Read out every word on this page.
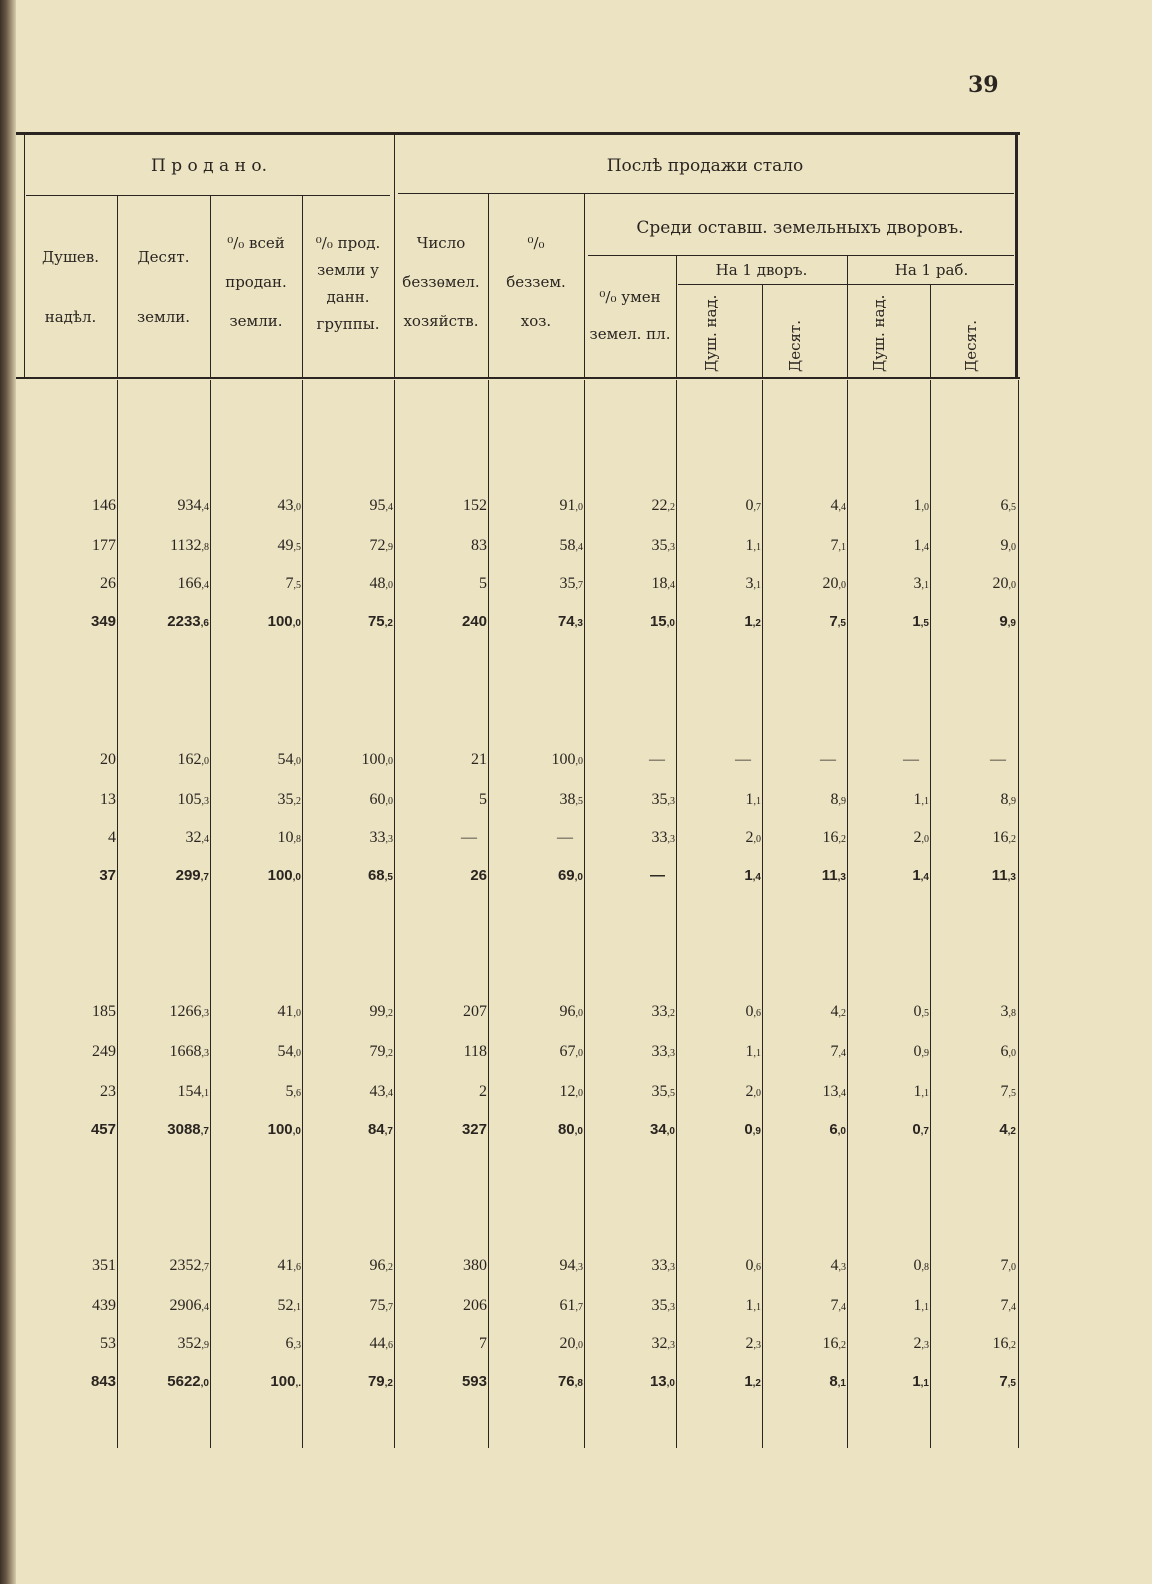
39
П р о д а н о.	Послѣ продажи стало
Среди оставш. земельныхъ дворовъ.
На 1 дворъ.	На 1 раб.
Душев.
надѣл.
Десят.
земли.
⁰/₀ всей
продан.
земли.
⁰/₀ прод.
земли у
данн.
группы.
Число
беззѳмел.
хозяйств.
⁰/₀
беззем.
хоз.
⁰/₀ умен
земел. пл.	Душ. над.	Десят.	Душ. над.	Десят.
146	934,4	43,0	95,4	152	91,0	22,2	0,7	4,4	1,0	6,5
177	1132,8	49,5	72,9	83	58,4	35,3	1,1	7,1	1,4	9,0
26	166,4	7,5	48,0	5	35,7	18,4	3,1	20,0	3,1	20,0
349	2233,6	100,0	75,2	240	74,3	15,0	1,2	7,5	1,5	9,9
20	162,0	54,0	100,0	21	100,0	—	—	—	—	—
13	105,3	35,2	60,0	5	38,5	35,3	1,1	8,9	1,1	8,9
4	32,4	10,8	33,3	—	—	33,3	2,0	16,2	2,0	16,2
37	299,7	100,0	68,5	26	69,0	—	1,4	11,3	1,4	11,3
185	1266,3	41,0	99,2	207	96,0	33,2	0,6	4,2	0,5	3,8
249	1668,3	54,0	79,2	118	67,0	33,3	1,1	7,4	0,9	6,0
23	154,1	5,6	43,4	2	12,0	35,5	2,0	13,4	1,1	7,5
457	3088,7	100,0	84,7	327	80,0	34,0	0,9	6,0	0,7	4,2
351	2352,7	41,6	96,2	380	94,3	33,3	0,6	4,3	0,8	7,0
439	2906,4	52,1	75,7	206	61,7	35,3	1,1	7,4	1,1	7,4
53	352,9	6,3	44,6	7	20,0	32,3	2,3	16,2	2,3	16,2
843	5622,0	100,.	79,2	593	76,8	13,0	1,2	8,1	1,1	7,5
